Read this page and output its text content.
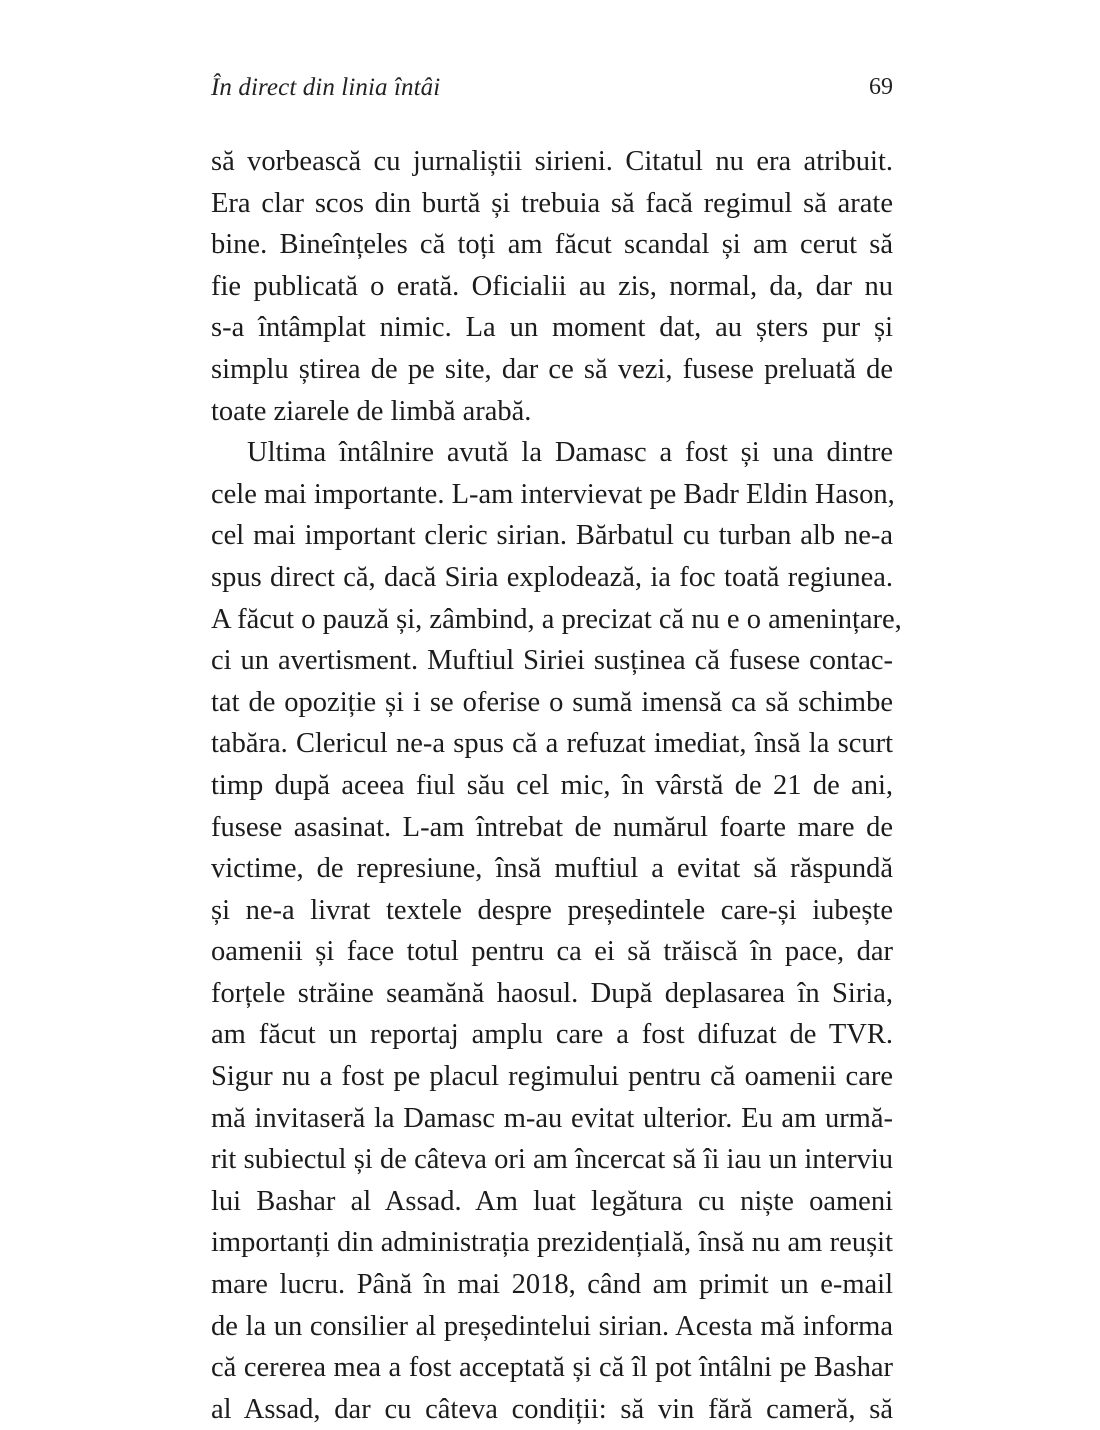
În direct din linia întâi	69
să vorbească cu jurnaliștii sirieni. Citatul nu era atribuit.
Era clar scos din burtă și trebuia să facă regimul să arate
bine. Bineînțeles că toți am făcut scandal și am cerut să
fie publicată o erată. Oficialii au zis, normal, da, dar nu
s-a întâmplat nimic. La un moment dat, au șters pur și
simplu știrea de pe site, dar ce să vezi, fusese preluată de
toate ziarele de limbă arabă.
Ultima întâlnire avută la Damasc a fost și una dintre
cele mai importante. L-am intervievat pe Badr Eldin Hason,
cel mai important cleric sirian. Bărbatul cu turban alb ne-a
spus direct că, dacă Siria explodează, ia foc toată regiunea.
A făcut o pauză și, zâmbind, a precizat că nu e o amenințare,
ci un avertisment. Muftiul Siriei susținea că fusese contac-
tat de opoziție și i se oferise o sumă imensă ca să schimbe
tabăra. Clericul ne-a spus că a refuzat imediat, însă la scurt
timp după aceea fiul său cel mic, în vârstă de 21 de ani,
fusese asasinat. L-am întrebat de numărul foarte mare de
victime, de represiune, însă muftiul a evitat să răspundă
și ne-a livrat textele despre președintele care-și iubește
oamenii și face totul pentru ca ei să trăiscă în pace, dar
forțele străine seamănă haosul. După deplasarea în Siria,
am făcut un reportaj amplu care a fost difuzat de TVR.
Sigur nu a fost pe placul regimului pentru că oamenii care
mă invitaseră la Damasc m-au evitat ulterior. Eu am urmă-
rit subiectul și de câteva ori am încercat să îi iau un interviu
lui Bashar al Assad. Am luat legătura cu niște oameni
importanți din administrația prezidențială, însă nu am reușit
mare lucru. Până în mai 2018, când am primit un e-mail
de la un consilier al președintelui sirian. Acesta mă informa
că cererea mea a fost acceptată și că îl pot întâlni pe Bashar
al Assad, dar cu câteva condiții: să vin fără cameră, să
